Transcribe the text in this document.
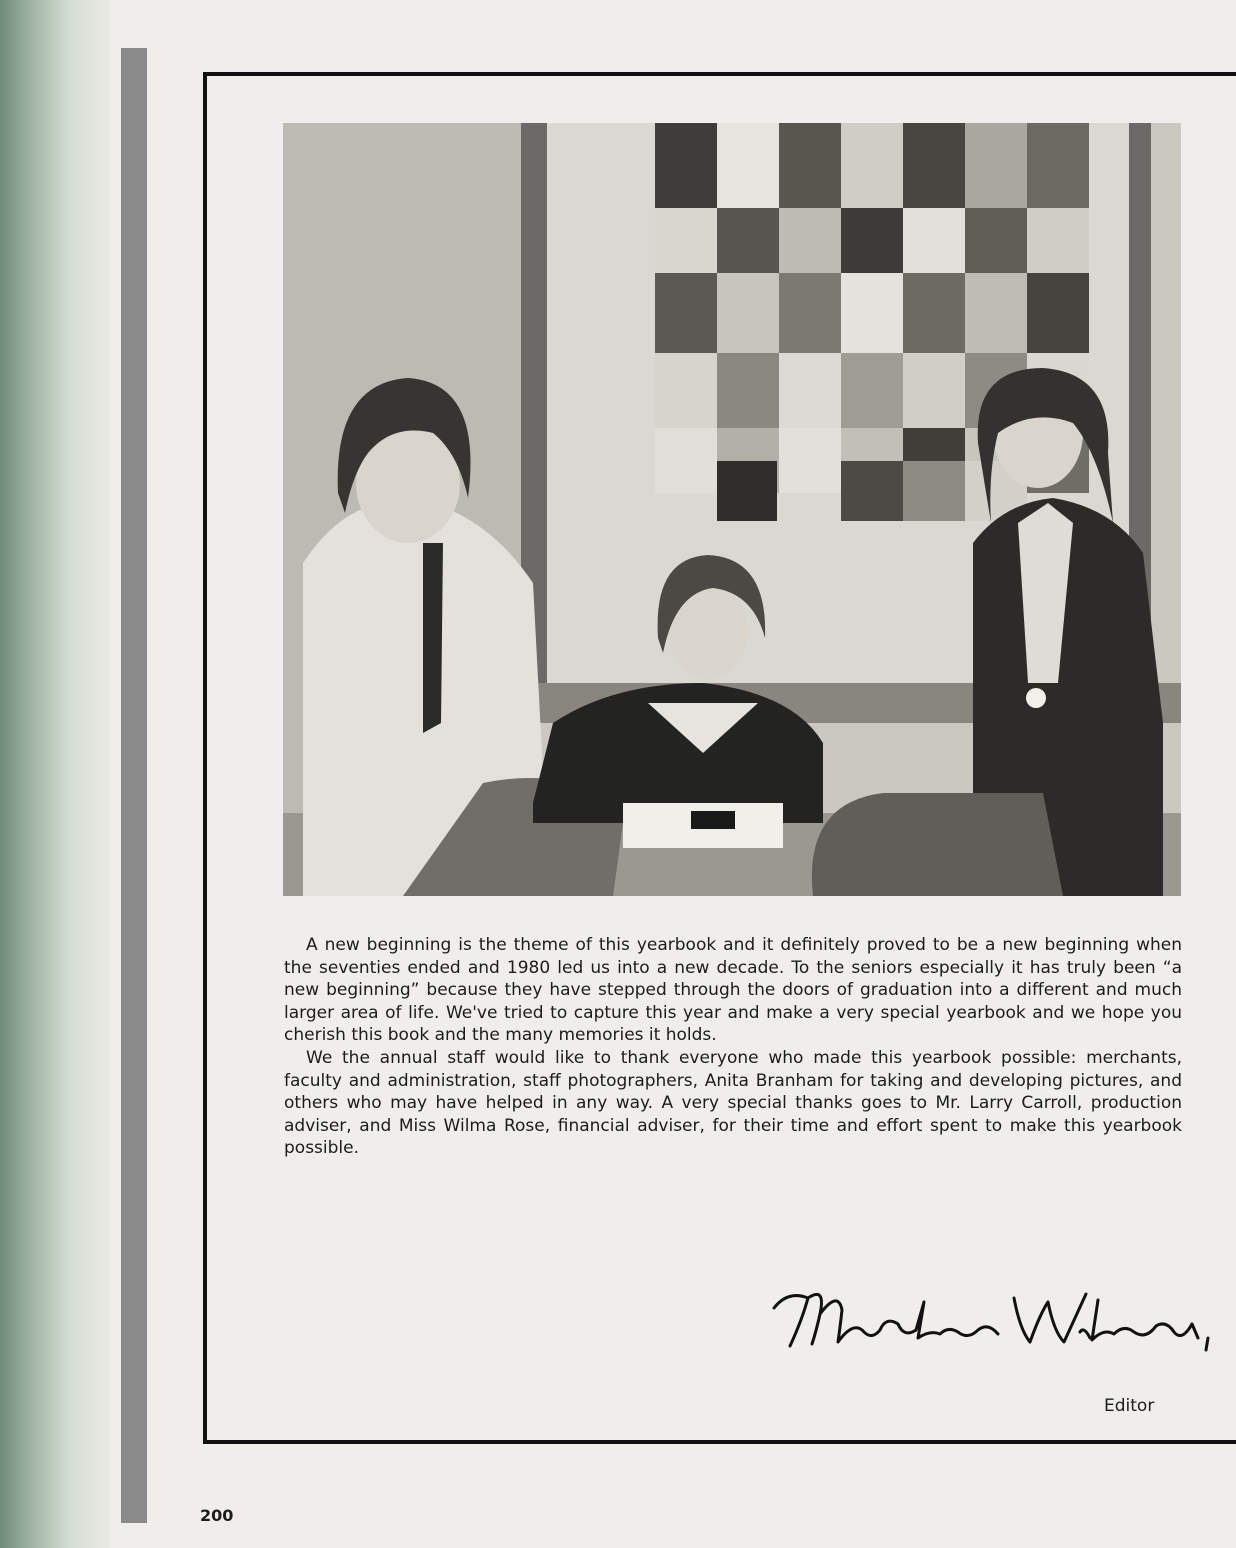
A new beginning is the theme of this yearbook and it definitely proved to be a new beginning when the seventies ended and 1980 led us into a new decade. To the seniors especially it has truly been “a new beginning” because they have stepped through the doors of graduation into a different and much larger area of life. We've tried to capture this year and make a very special yearbook and we hope you cherish this book and the many memories it holds.

We the annual staff would like to thank everyone who made this yearbook possible: merchants, faculty and administration, staff photographers, Anita Branham for taking and developing pictures, and others who may have helped in any way. A very special thanks goes to Mr. Larry Carroll, production adviser, and Miss Wilma Rose, financial adviser, for their time and effort spent to make this yearbook possible.

Editor
200
